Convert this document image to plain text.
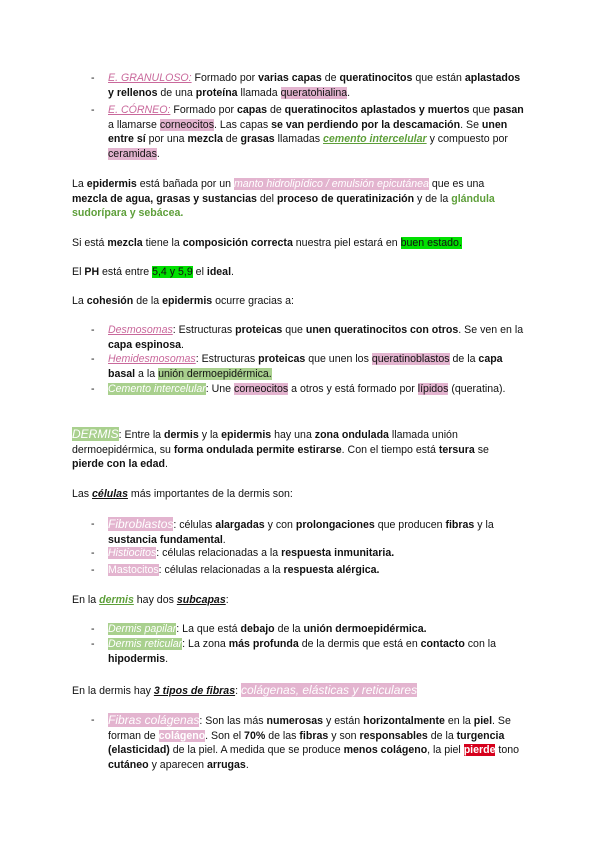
- E. GRANULOSO: Formado por varias capas de queratinocitos que están aplastados y rellenos de una proteína llamada queratohialina.

- E. CÓRNEO: Formado por capas de queratinocitos aplastados y muertos que pasan a llamarse corneocitos. Las capas se van perdiendo por la descamación. Se unen entre sí por una mezcla de grasas llamadas cemento intercelular y compuesto por ceramidas.

La epidermis está bañada por un manto hidrolipídico / emulsión epicutánea que es una mezcla de agua, grasas y sustancias del proceso de queratinización y de la glándula sudorípara y sebácea.

Si está mezcla tiene la composición correcta nuestra piel estará en buen estado.

El PH está entre 5,4 y 5,9 el ideal.

La cohesión de la epidermis ocurre gracias a:

- Desmosomas: Estructuras proteicas que unen queratinocitos con otros. Se ven en la capa espinosa.

- Hemidesmosomas: Estructuras proteicas que unen los queratinoblastos de la capa basal a la unión dermoepidérmica.

- Cemento intercelular: Une corneocitos a otros y está formado por lípidos (queratina).

DERMIS: Entre la dermis y la epidermis hay una zona ondulada llamada unión dermoepidérmica, su forma ondulada permite estirarse. Con el tiempo está tersura se pierde con la edad.

Las células más importantes de la dermis son:

- Fibroblastos: células alargadas y con prolongaciones que producen fibras y la sustancia fundamental.

- Histiocitos: células relacionadas a la respuesta inmunitaria.

- Mastocitos: células relacionadas a la respuesta alérgica.

En la dermis hay dos subcapas:

- Dermis papilar: La que está debajo de la unión dermoepidérmica.

- Dermis reticular: La zona más profunda de la dermis que está en contacto con la hipodermis.

En la dermis hay 3 tipos de fibras: colágenas, elásticas y reticulares

- Fibras colágenas: Son las más numerosas y están horizontalmente en la piel. Se forman de colágeno. Son el 70% de las fibras y son responsables de la turgencia (elasticidad) de la piel. A medida que se produce menos colágeno, la piel pierde tono cutáneo y aparecen arrugas.
